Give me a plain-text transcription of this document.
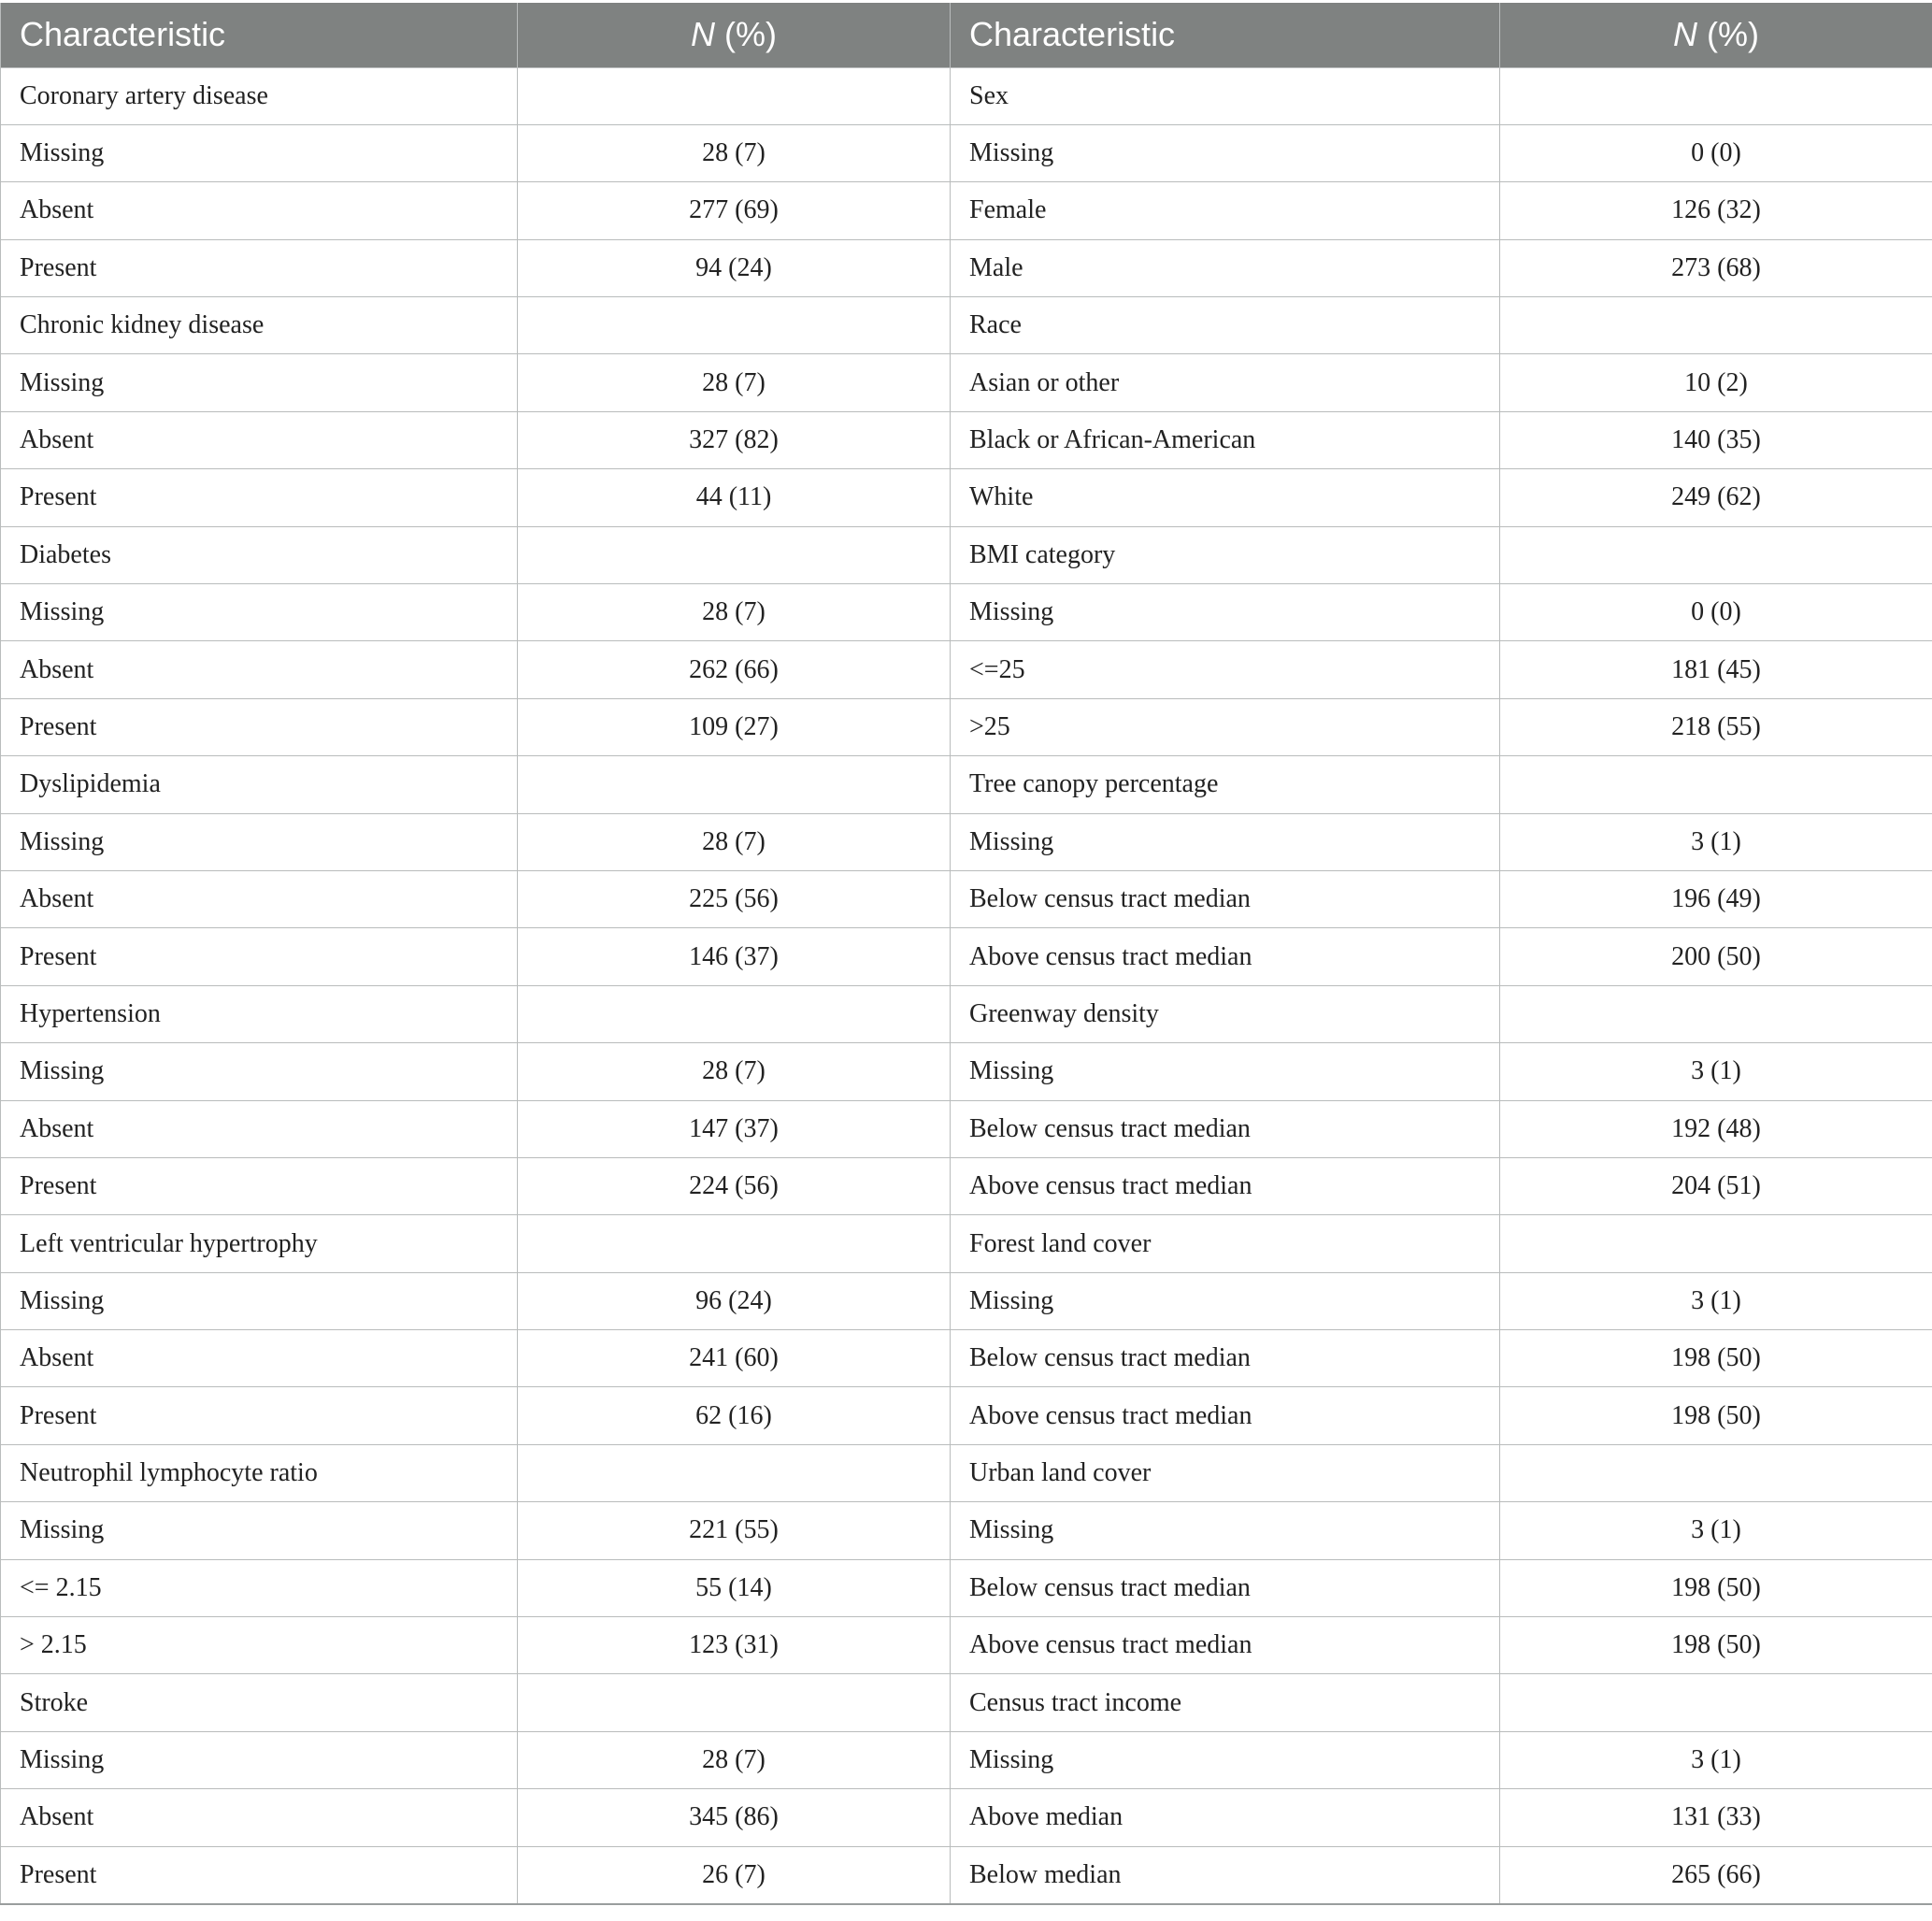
Characteristic	N (%)	Characteristic	N (%)
Coronary artery disease		Sex	
Missing	28 (7)	Missing	0 (0)
Absent	277 (69)	Female	126 (32)
Present	94 (24)	Male	273 (68)
Chronic kidney disease		Race	
Missing	28 (7)	Asian or other	10 (2)
Absent	327 (82)	Black or African-American	140 (35)
Present	44 (11)	White	249 (62)
Diabetes		BMI category	
Missing	28 (7)	Missing	0 (0)
Absent	262 (66)	<=25	181 (45)
Present	109 (27)	>25	218 (55)
Dyslipidemia		Tree canopy percentage	
Missing	28 (7)	Missing	3 (1)
Absent	225 (56)	Below census tract median	196 (49)
Present	146 (37)	Above census tract median	200 (50)
Hypertension		Greenway density	
Missing	28 (7)	Missing	3 (1)
Absent	147 (37)	Below census tract median	192 (48)
Present	224 (56)	Above census tract median	204 (51)
Left ventricular hypertrophy		Forest land cover	
Missing	96 (24)	Missing	3 (1)
Absent	241 (60)	Below census tract median	198 (50)
Present	62 (16)	Above census tract median	198 (50)
Neutrophil lymphocyte ratio		Urban land cover	
Missing	221 (55)	Missing	3 (1)
<= 2.15	55 (14)	Below census tract median	198 (50)
> 2.15	123 (31)	Above census tract median	198 (50)
Stroke		Census tract income	
Missing	28 (7)	Missing	3 (1)
Absent	345 (86)	Above median	131 (33)
Present	26 (7)	Below median	265 (66)
